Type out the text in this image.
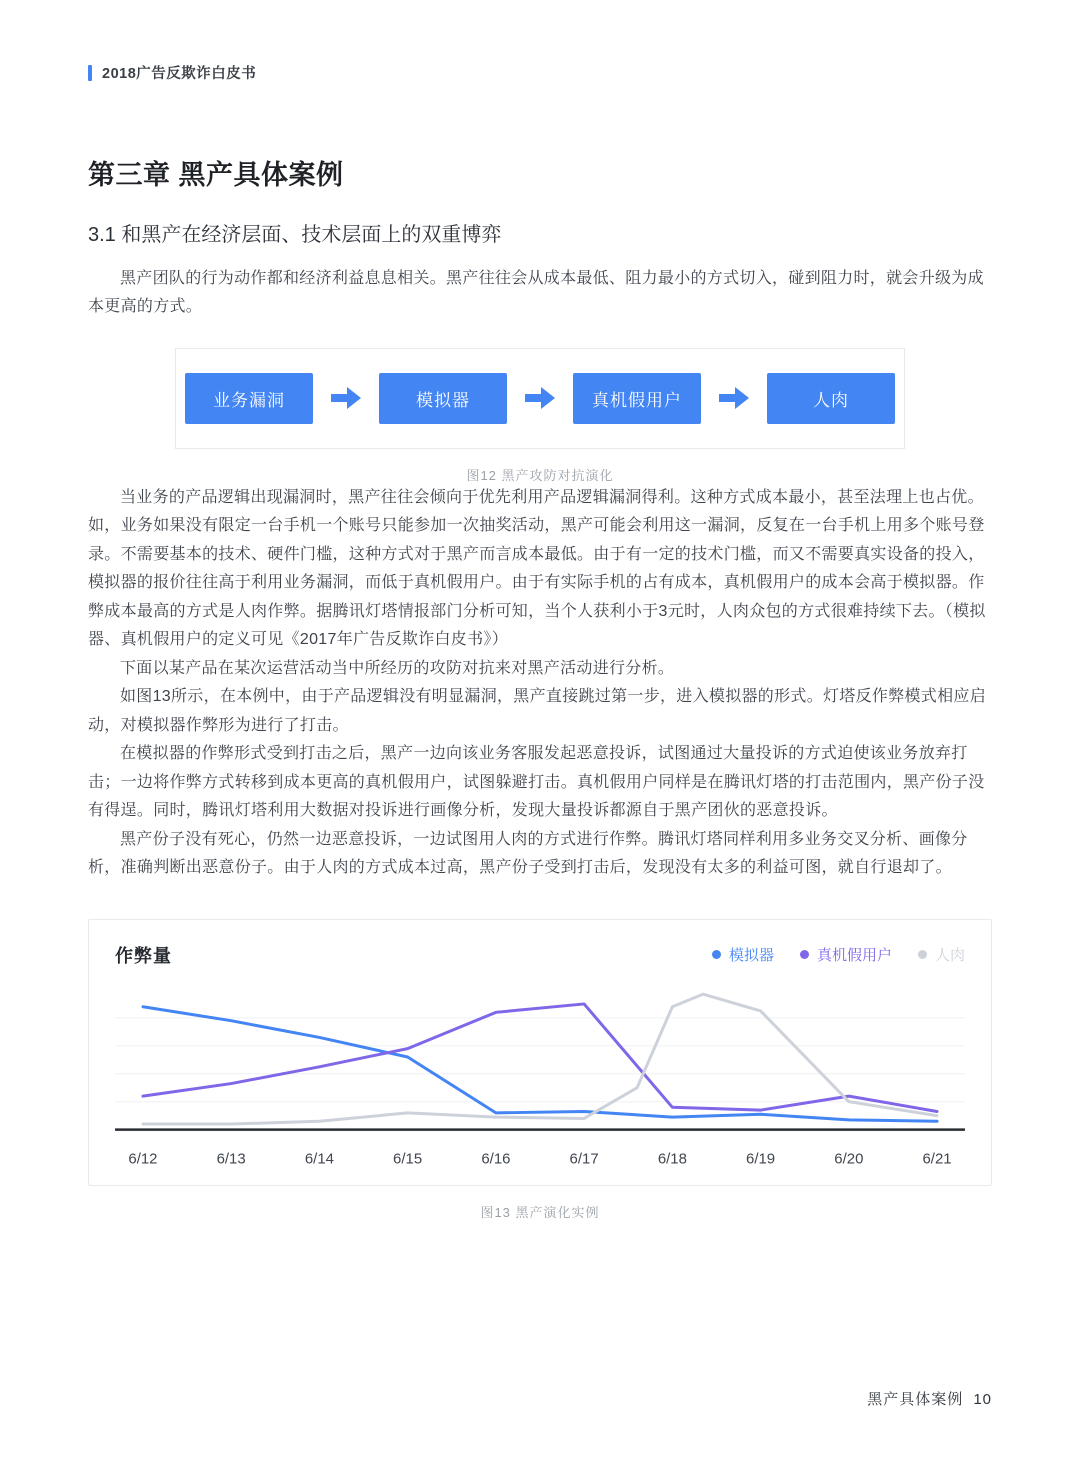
2018广告反欺诈白皮书
第三章 黑产具体案例
3.1 和黑产在经济层面、技术层面上的双重博弈

黑产团队的行为动作都和经济利益息息相关。黑产往往会从成本最低、阻力最小的方式切入，碰到阻力时，就会升级为成本更高的方式。

业务漏洞	模拟器	真机假用户	人肉
图12 黑产攻防对抗演化

当业务的产品逻辑出现漏洞时，黑产往往会倾向于优先利用产品逻辑漏洞得利。这种方式成本最小，甚至法理上也占优。如，业务如果没有限定一台手机一个账号只能参加一次抽奖活动，黑产可能会利用这一漏洞，反复在一台手机上用多个账号登录。不需要基本的技术、硬件门槛，这种方式对于黑产而言成本最低。由于有一定的技术门槛，而又不需要真实设备的投入，模拟器的报价往往高于利用业务漏洞，而低于真机假用户。由于有实际手机的占有成本，真机假用户的成本会高于模拟器。作弊成本最高的方式是人肉作弊。据腾讯灯塔情报部门分析可知，当个人获利小于3元时，人肉众包的方式很难持续下去。（模拟器、真机假用户的定义可见《2017年广告反欺诈白皮书》）

下面以某产品在某次运营活动当中所经历的攻防对抗来对黑产活动进行分析。

如图13所示，在本例中，由于产品逻辑没有明显漏洞，黑产直接跳过第一步，进入模拟器的形式。灯塔反作弊模式相应启动，对模拟器作弊形为进行了打击。

在模拟器的作弊形式受到打击之后，黑产一边向该业务客服发起恶意投诉，试图通过大量投诉的方式迫使该业务放弃打击；一边将作弊方式转移到成本更高的真机假用户，试图躲避打击。真机假用户同样是在腾讯灯塔的打击范围内，黑产份子没有得逞。同时，腾讯灯塔利用大数据对投诉进行画像分析，发现大量投诉都源自于黑产团伙的恶意投诉。

黑产份子没有死心，仍然一边恶意投诉，一边试图用人肉的方式进行作弊。腾讯灯塔同样利用多业务交叉分析、画像分析，准确判断出恶意份子。由于人肉的方式成本过高，黑产份子受到打击后，发现没有太多的利益可图，就自行退却了。

作弊量	模拟器	真机假用户	人肉
6/12	6/13	6/14	6/15	6/16	6/17	6/18	6/19	6/20	6/21
图13 黑产演化实例
黑产具体案例 10
